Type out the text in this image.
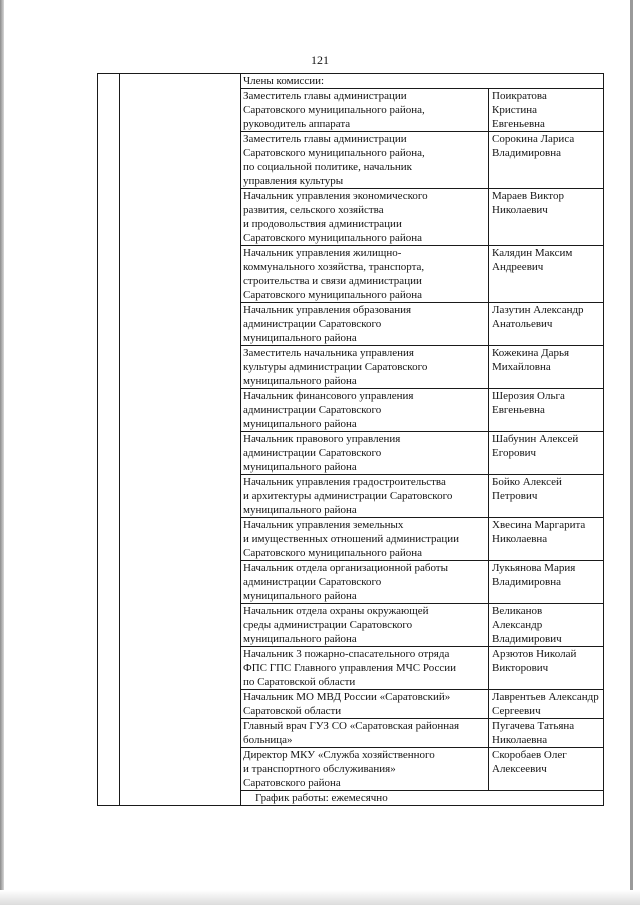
121
		Члены комиссии:	
		Заместитель главы администрации
Саратовского муниципального района,
руководитель аппарата	Поикратова
Кристина
Евгеньевна
		Заместитель главы администрации
Саратовского муниципального района,
по социальной политике, начальник
управления культуры	Сорокина Лариса
Владимировна
		Начальник управления экономического
развития, сельского хозяйства
и продовольствия администрации
Саратовского муниципального района	Мараев Виктор
Николаевич
		Начальник управления жилищно-
коммунального хозяйства, транспорта,
строительства и связи администрации
Саратовского муниципального района	Калядин Максим
Андреевич
		Начальник управления образования
администрации Саратовского
муниципального района	Лазутин Александр
Анатольевич
		Заместитель начальника управления
культуры администрации Саратовского
муниципального района	Кожекина Дарья
Михайловна
		Начальник финансового управления
администрации Саратовского
муниципального района	Шерозия Ольга
Евгеньевна
		Начальник правового управления
администрации Саратовского
муниципального района	Шабунин Алексей
Егорович
		Начальник управления градостроительства
и архитектуры администрации Саратовского
муниципального района	Бойко Алексей
Петрович
		Начальник управления земельных
и имущественных отношений администрации
Саратовского муниципального района	Хвесина Маргарита
Николаевна
		Начальник отдела организационной работы
администрации Саратовского
муниципального района	Лукьянова Мария
Владимировна
		Начальник отдела охраны окружающей
среды администрации Саратовского
муниципального района	Великанов
Александр
Владимирович
		Начальник 3 пожарно-спасательного отряда
ФПС ГПС Главного управления МЧС России
по Саратовской области	Арзютов Николай
Викторович
		Начальник МО МВД России «Саратовский»
Саратовской области	Лаврентьев Александр
Сергеевич
		Главный врач ГУЗ СО «Саратовская районная
больница»	Пугачева Татьяна
Николаевна
		Директор МКУ «Служба хозяйственного
и транспортного обслуживания»
Саратовского района	Скоробаев Олег
Алексеевич
		График работы: ежемесячно	
